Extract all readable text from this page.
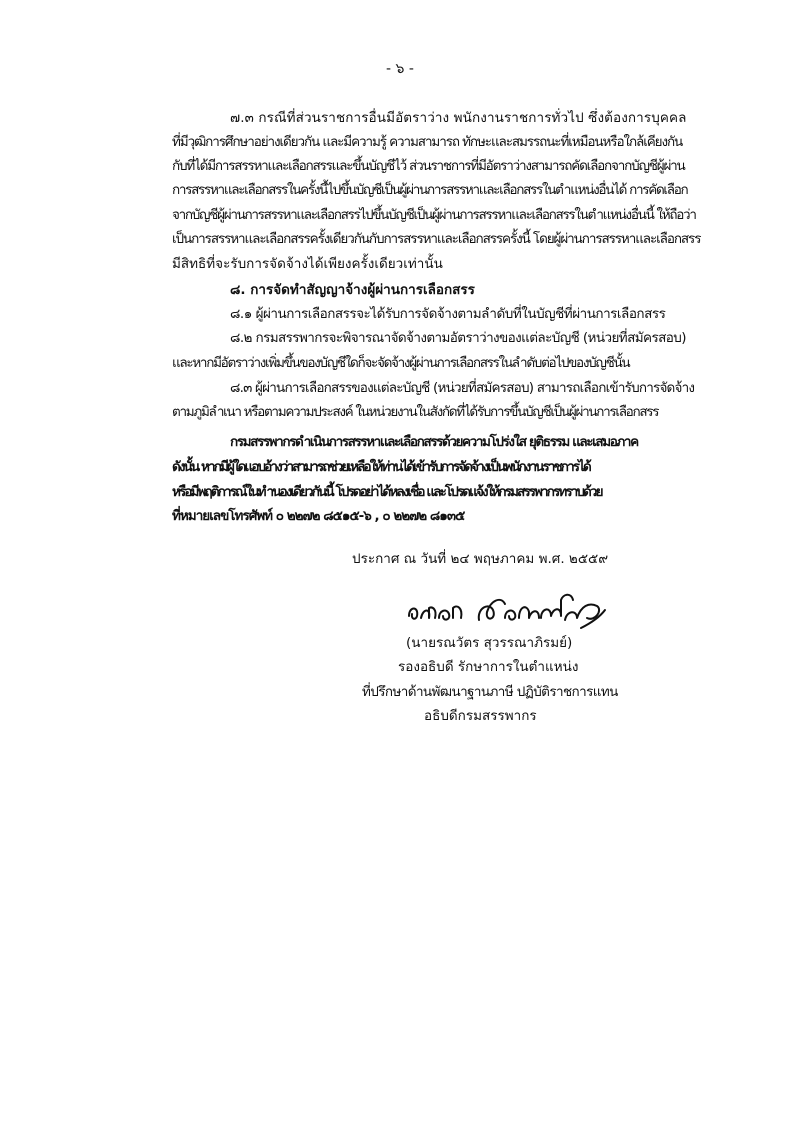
- ๖ -
๗.๓ กรณีที่ส่วนราชการอื่นมีอัตราว่าง พนักงานราชการทั่วไป ซึ่งต้องการบุคคล
ที่มีวุฒิการศึกษาอย่างเดียวกัน และมีความรู้ ความสามารถ ทักษะและสมรรถนะที่เหมือนหรือใกล้เคียงกัน
กับที่ได้มีการสรรหาและเลือกสรรและขึ้นบัญชีไว้ ส่วนราชการที่มีอัตราว่างสามารถคัดเลือกจากบัญชีผู้ผ่าน
การสรรหาและเลือกสรรในครั้งนี้ไปขึ้นบัญชีเป็นผู้ผ่านการสรรหาและเลือกสรรในตำแหน่งอื่นได้ การคัดเลือก
จากบัญชีผู้ผ่านการสรรหาและเลือกสรรไปขึ้นบัญชีเป็นผู้ผ่านการสรรหาและเลือกสรรในตำแหน่งอื่นนี้ ให้ถือว่า
เป็นการสรรหาและเลือกสรรครั้งเดียวกันกับการสรรหาและเลือกสรรครั้งนี้ โดยผู้ผ่านการสรรหาและเลือกสรร
มีสิทธิที่จะรับการจัดจ้างได้เพียงครั้งเดียวเท่านั้น
๘. การจัดทำสัญญาจ้างผู้ผ่านการเลือกสรร
๘.๑ ผู้ผ่านการเลือกสรรจะได้รับการจัดจ้างตามลำดับที่ในบัญชีที่ผ่านการเลือกสรร
๘.๒ กรมสรรพากรจะพิจารณาจัดจ้างตามอัตราว่างของแต่ละบัญชี (หน่วยที่สมัครสอบ)
และหากมีอัตราว่างเพิ่มขึ้นของบัญชีใดก็จะจัดจ้างผู้ผ่านการเลือกสรรในลำดับต่อไปของบัญชีนั้น
๘.๓ ผู้ผ่านการเลือกสรรของแต่ละบัญชี (หน่วยที่สมัครสอบ) สามารถเลือกเข้ารับการจัดจ้าง
ตามภูมิลำเนา หรือตามความประสงค์ ในหน่วยงานในสังกัดที่ได้รับการขึ้นบัญชีเป็นผู้ผ่านการเลือกสรร
กรมสรรพากรดำเนินการสรรหาและเลือกสรรด้วยความโปร่งใส ยุติธรรม และเสมอภาค
ดังนั้น หากมีผู้ใดแอบอ้างว่าสามารถช่วยเหลือให้ท่านได้เข้ารับการจัดจ้างเป็นพนักงานราชการได้
หรือมีพฤติการณ์ในทำนองเดียวกันนี้ โปรดอย่าได้หลงเชื่อ และโปรดแจ้งให้กรมสรรพากรทราบด้วย
ที่หมายเลขโทรศัพท์ ๐ ๒๒๗๒ ๘๕๑๕-๖ , ๐ ๒๒๗๒ ๘๑๓๕
ประกาศ ณ วันที่ ๒๔ พฤษภาคม พ.ศ. ๒๕๕๙
(นายรณวัตร สุวรรณาภิรมย์)
รองอธิบดี รักษาการในตำแหน่ง
ที่ปรึกษาด้านพัฒนาฐานภาษี ปฏิบัติราชการแทน
อธิบดีกรมสรรพากร
